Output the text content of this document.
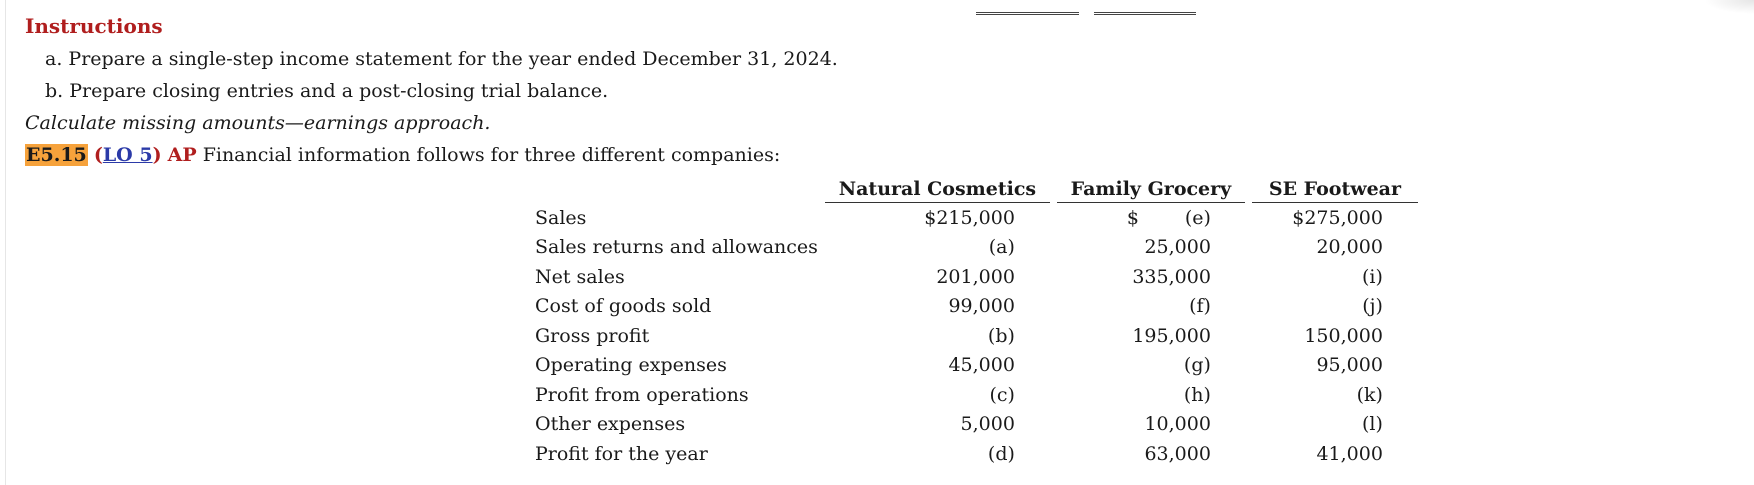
Instructions
a. Prepare a single-step income statement for the year ended December 31, 2024.
b. Prepare closing entries and a post-closing trial balance.
Calculate missing amounts—earnings approach.
E5.15 (LO 5) AP Financial information follows for three different companies:
	Natural Cosmetics	Family Grocery	SE Footwear
Sales	$215,000	$ (e)	$275,000
Sales returns and allowances	(a)	25,000	20,000
Net sales	201,000	335,000	(i)
Cost of goods sold	99,000	(f)	(j)
Gross profit	(b)	195,000	150,000
Operating expenses	45,000	(g)	95,000
Profit from operations	(c)	(h)	(k)
Other expenses	5,000	10,000	(l)
Profit for the year	(d)	63,000	41,000
